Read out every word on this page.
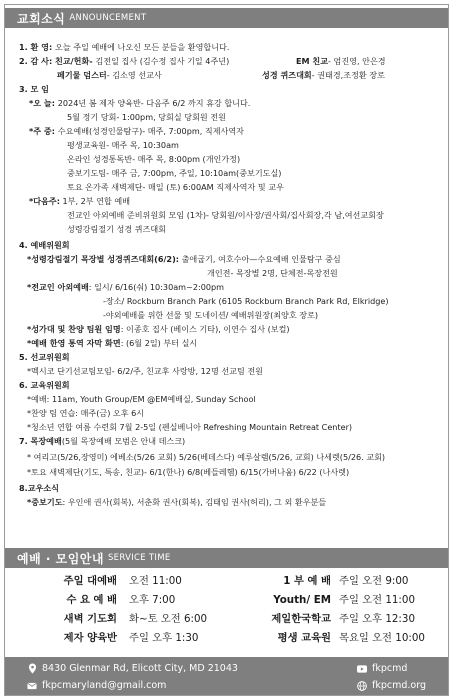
교회소식 ANNOUNCEMENT
1. 환 영: 오늘 주일 예배에 나오신 모든 분들을 환영합니다.
2. 감 사: 친교/헌화- 김전일 집사 (김수정 집사 기일 4주년)	EM 친교- 엄진영, 안은경
페기물 덤스터- 김소영 선교사	성경 퀴즈대회- 권태경,조정환 장로
3. 모 임
*오 늘: 2024년 봄 제자 양육반- 다음주 6/2 까지 휴강 합니다.
5월 정기 당회- 1:00pm, 당회실 당회원 전원
*주 중: 수요예배(성경인물탐구)- 매주, 7:00pm, 직제사역자
평생교육원- 매주 목, 10:30am
온라인 성경통독반- 매주 목, 8:00pm (개인가정)
중보기도팀- 매주 금, 7:00pm, 주일, 10:10am(중보기도실)
토요 온가족 새벽제단- 매일 (토) 6:00AM 직제사역자 및 교우
*다음주: 1부, 2부 연합 예배
전교인 아외예배 준비위원회 모임 (1차)- 당회원/이사장/권사회/집사회장,각 남,여선교회장
성령강림절기 성경 퀴즈대회
4. 예배위원회
*성령강림절기 목장별 성경퀴즈대회(6/2): 출애굽기, 여호수아—수요예배 인물탐구 중심
개인전- 목장별 2명, 단체전-목장전원
*전교인 아외예배: 일시/ 6/16(숴) 10:30am~2:00pm
-장소/ Rockburn Branch Park (6105 Rockburn Branch Park Rd, Elkridge)
-야외예배를 위한 선물 및 도네이션/ 예배위원장(최양호 장로)
*성가대 및 찬양 팀원 임명: 이종호 집사 (베이스 기타), 이연수 집사 (보컬)
*예배 한영 통역 자막 화면: (6월 2일) 부터 실시
5. 선교위원회
*멕시코 단기선교팀모임- 6/2/주, 친교후 사랑방, 12명 선교팀 전원
6. 교육위원회
*예배: 11am, Youth Group/EM @EM예배실, Sunday School
*찬양 팀 연습: 매주(금) 오후 6시
*청소년 연합 여름 수련회 7월 2-5일 (펜실베니아 Refreshing Mountain Retreat Center)
7. 목장예배(5월 목장예배 모범은 안내 데스크)
* 여리고(5/26,장영미) 에베소(5/26 교회) 5/26(베데스다) 예루살렘(5/26, 교회) 나세렛(5/26. 교회)
*토요 새벽제단(기도, 특송, 친교)- 6/1(한나) 6/8(베들레헴) 6/15(가버나움) 6/22 (나사렛)
8.교우소식
*중보기도: 우인애 권사(회복), 서춘화 권사(회복), 김태임 권사(허리), 그 외 환우분들
예배 · 모임안내 SERVICE TIME
주일 대예배 오전 11:00	1 부 예 배 주일 오전 9:00
수 요 예 배 오후 7:00	Youth/ EM 주일 오전 11:00
새벽 기도회 화~토 오전 6:00	제일한국학교 주일 오후 12:30
제자 양육반 주일 오후 1:30	평생 교육원 목요일 오전 10:00
8430 Glenmar Rd, Elicott City, MD 21043
fkpcmaryland@gmail.com
fkpcmd
fkpcmd.org
